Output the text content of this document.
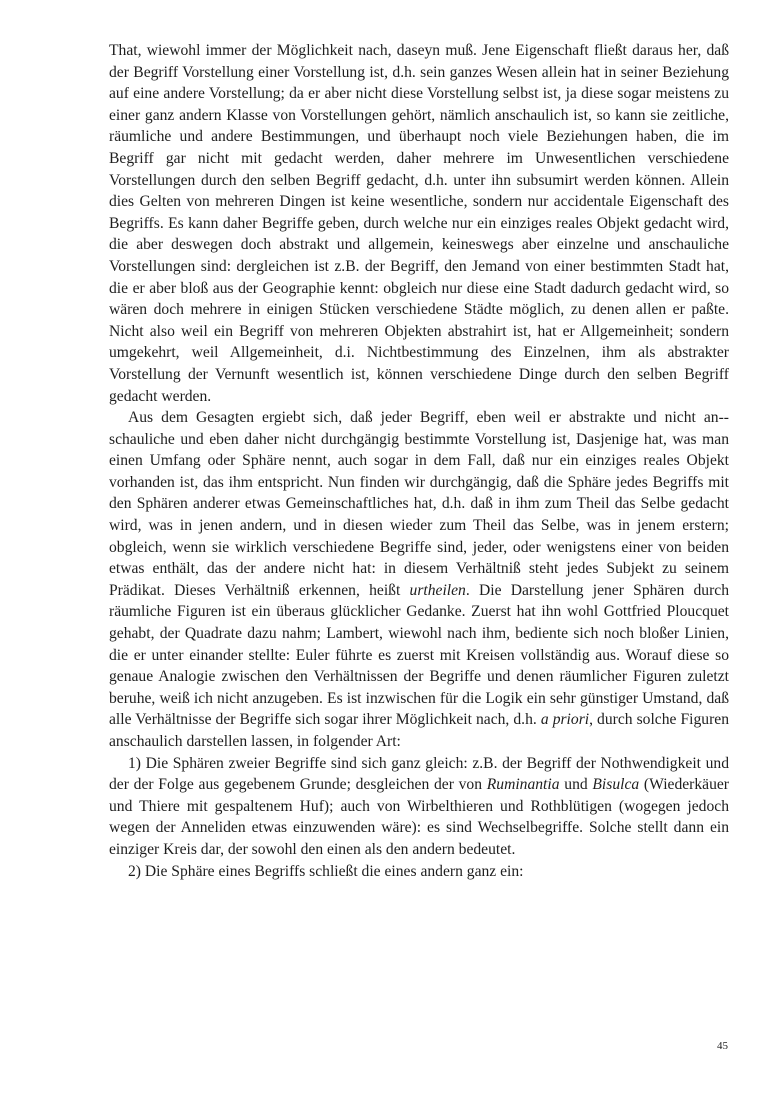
That, wiewohl immer der Möglichkeit nach, daseyn muß. Jene Eigenschaft fließt daraus her, daß der Begriff Vorstellung einer Vorstellung ist, d.h. sein ganzes Wesen allein hat in seiner Beziehung auf eine andere Vorstellung; da er aber nicht diese Vorstellung selbst ist, ja diese sogar meistens zu einer ganz andern Klasse von Vorstellungen gehört, nämlich anschaulich ist, so kann sie zeitliche, räumliche und andere Bestimmungen, und überhaupt noch viele Beziehungen haben, die im Begriff gar nicht mit gedacht werden, daher mehrere im Unwesentlichen verschiedene Vorstellungen durch den selben Begriff gedacht, d.h. unter ihn subsumirt werden können. Allein dies Gelten von mehreren Dingen ist keine wesentliche, sondern nur accidentale Eigenschaft des Begriffs. Es kann daher Begriffe geben, durch welche nur ein einziges reales Objekt gedacht wird, die aber deswegen doch abstrakt und allgemein, keineswegs aber einzelne und anschauliche Vorstellungen sind: dergleichen ist z.B. der Begriff, den Jemand von einer bestimmten Stadt hat, die er aber bloß aus der Geographie kennt: obgleich nur diese eine Stadt dadurch gedacht wird, so wären doch mehrere in einigen Stücken verschiedene Städte möglich, zu denen allen er paßte. Nicht also weil ein Begriff von mehreren Objekten abstrahirt ist, hat er Allgemeinheit; sondern umgekehrt, weil Allgemeinheit, d.i. Nichtbestimmung des Einzelnen, ihm als abstrakter Vorstellung der Vernunft wesentlich ist, können verschiedene Dinge durch den selben Begriff gedacht werden.

Aus dem Gesagten ergiebt sich, daß jeder Begriff, eben weil er abstrakte und nicht an-schauliche und eben daher nicht durchgängig bestimmte Vorstellung ist, Dasjenige hat, was man einen Umfang oder Sphäre nennt, auch sogar in dem Fall, daß nur ein einziges reales Objekt vorhanden ist, das ihm entspricht. Nun finden wir durchgängig, daß die Sphäre jedes Begriffs mit den Sphären anderer etwas Gemeinschaftliches hat, d.h. daß in ihm zum Theil das Selbe gedacht wird, was in jenen andern, und in diesen wieder zum Theil das Selbe, was in jenem erstern; obgleich, wenn sie wirklich verschiedene Begriffe sind, jeder, oder wenigstens einer von beiden etwas enthält, das der andere nicht hat: in diesem Verhältniß steht jedes Subjekt zu seinem Prädikat. Dieses Verhältniß erkennen, heißt urtheilen. Die Darstellung jener Sphären durch räumliche Figuren ist ein überaus glücklicher Gedanke. Zuerst hat ihn wohl Gottfried Ploucquet gehabt, der Quadrate dazu nahm; Lambert, wiewohl nach ihm, bediente sich noch bloßer Linien, die er unter einander stellte: Euler führte es zuerst mit Kreisen vollständig aus. Worauf diese so genaue Analogie zwischen den Verhältnissen der Begriffe und denen räumlicher Figuren zuletzt beruhe, weiß ich nicht anzugeben. Es ist inzwischen für die Logik ein sehr günstiger Umstand, daß alle Verhältnisse der Begriffe sich sogar ihrer Möglichkeit nach, d.h. a priori, durch solche Figuren anschaulich darstellen lassen, in folgender Art:

1) Die Sphären zweier Begriffe sind sich ganz gleich: z.B. der Begriff der Nothwendigkeit und der der Folge aus gegebenem Grunde; desgleichen der von Ruminantia und Bisulca (Wiederkäuer und Thiere mit gespaltenem Huf); auch von Wirbelthieren und Rothblütigen (wogegen jedoch wegen der Anneliden etwas einzuwenden wäre): es sind Wechselbegriffe. Solche stellt dann ein einziger Kreis dar, der sowohl den einen als den andern bedeutet.

2) Die Sphäre eines Begriffs schließt die eines andern ganz ein:

45
